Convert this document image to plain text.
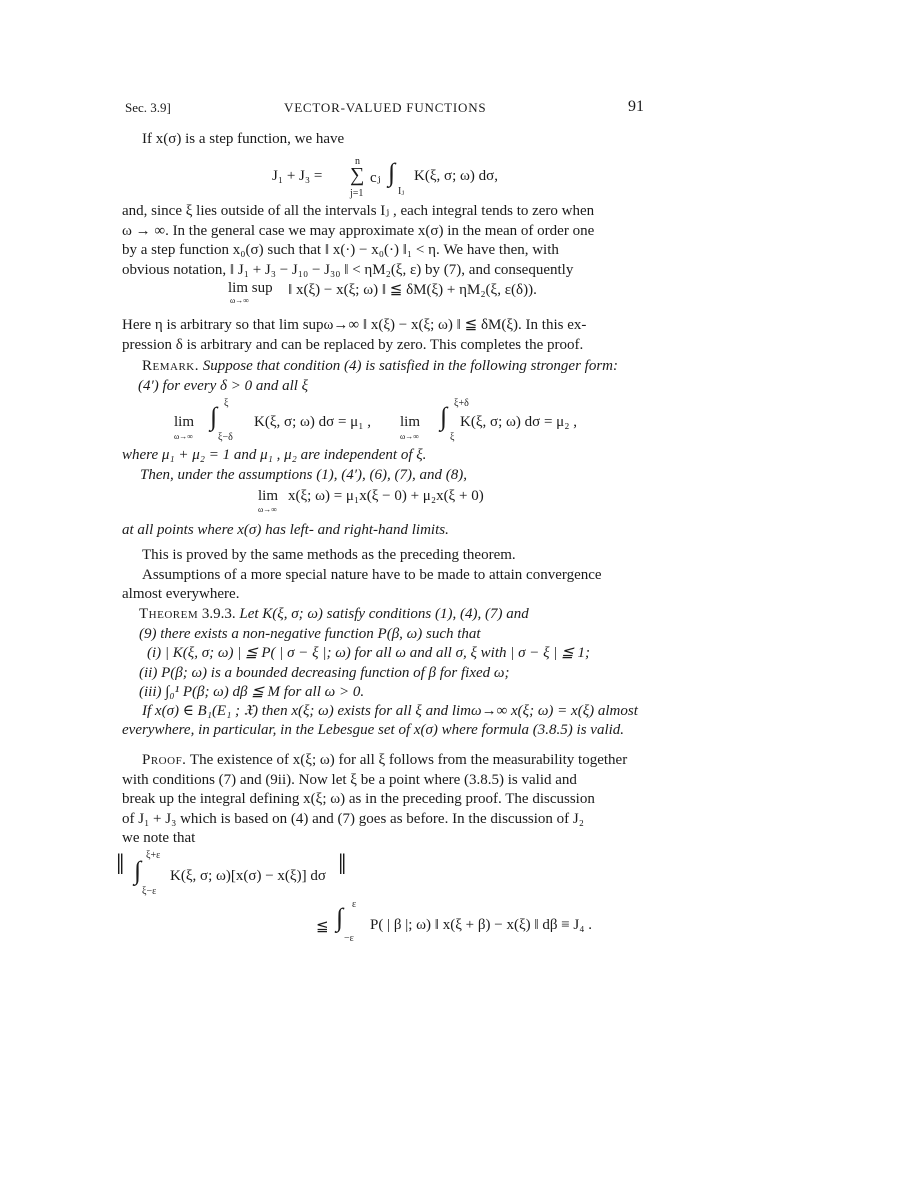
Sec. 3.9]	VECTOR-VALUED FUNCTIONS	91
If x(σ) is a step function, we have
J₁ + J₃ =
n
∑
j=1
cⱼ ∫
Iⱼ
K(ξ, σ; ω) dσ,
and, since ξ lies outside of all the intervals Iⱼ , each integral tends to zero when
ω → ∞. In the general case we may approximate x(σ) in the mean of order one
by a step function x₀(σ) such that ‖ x(·) − x₀(·) ‖₁ < η. We have then, with
obvious notation, ‖ J₁ + J₃ − J₁₀ − J₃₀ ‖ < ηM₂(ξ, ε) by (7), and consequently
lim sup
ω→∞
‖ x(ξ) − x(ξ; ω) ‖ ≦ δM(ξ) + ηM₂(ξ, ε(δ)).
Here η is arbitrary so that lim supω→∞ ‖ x(ξ) − x(ξ; ω) ‖ ≦ δM(ξ). In this ex-
pression δ is arbitrary and can be replaced by zero. This completes the proof.
Remark. Suppose that condition (4) is satisfied in the following stronger form:
(4′) for every δ > 0 and all ξ
lim
ω→∞
∫ ξ
ξ−δ
K(ξ, σ; ω) dσ = μ₁ , lim
ω→∞
∫ ξ+δ
ξ
K(ξ, σ; ω) dσ = μ₂ ,
where μ₁ + μ₂ = 1 and μ₁ , μ₂ are independent of ξ.
Then, under the assumptions (1), (4′), (6), (7), and (8),
lim
ω→∞
x(ξ; ω) = μ₁x(ξ − 0) + μ₂x(ξ + 0)
at all points where x(σ) has left- and right-hand limits.
This is proved by the same methods as the preceding theorem.
Assumptions of a more special nature have to be made to attain convergence
almost everywhere.
Theorem 3.9.3. Let K(ξ, σ; ω) satisfy conditions (1), (4), (7) and
(9) there exists a non-negative function P(β, ω) such that
(i) | K(ξ, σ; ω) | ≦ P( | σ − ξ |; ω) for all ω and all σ, ξ with | σ − ξ | ≦ 1;
(ii) P(β; ω) is a bounded decreasing function of β for fixed ω;
(iii) ∫₀¹ P(β; ω) dβ ≦ M for all ω > 0.
If x(σ) ∈ B₁(E₁ ; 𝔛) then x(ξ; ω) exists for all ξ and limω→∞ x(ξ; ω) = x(ξ) almost
everywhere, in particular, in the Lebesgue set of x(σ) where formula (3.8.5) is valid.
Proof. The existence of x(ξ; ω) for all ξ follows from the measurability together
with conditions (7) and (9ii). Now let ξ be a point where (3.8.5) is valid and
break up the integral defining x(ξ; ω) as in the preceding proof. The discussion
of J₁ + J₃ which is based on (4) and (7) goes as before. In the discussion of J₂
we note that
‖ ∫
ξ+ε
ξ−ε
K(ξ, σ; ω)[x(σ) − x(ξ)] dσ ‖
≦ ∫ ε
−ε
P( | β |; ω) ‖ x(ξ + β) − x(ξ) ‖ dβ ≡ J₄ .
